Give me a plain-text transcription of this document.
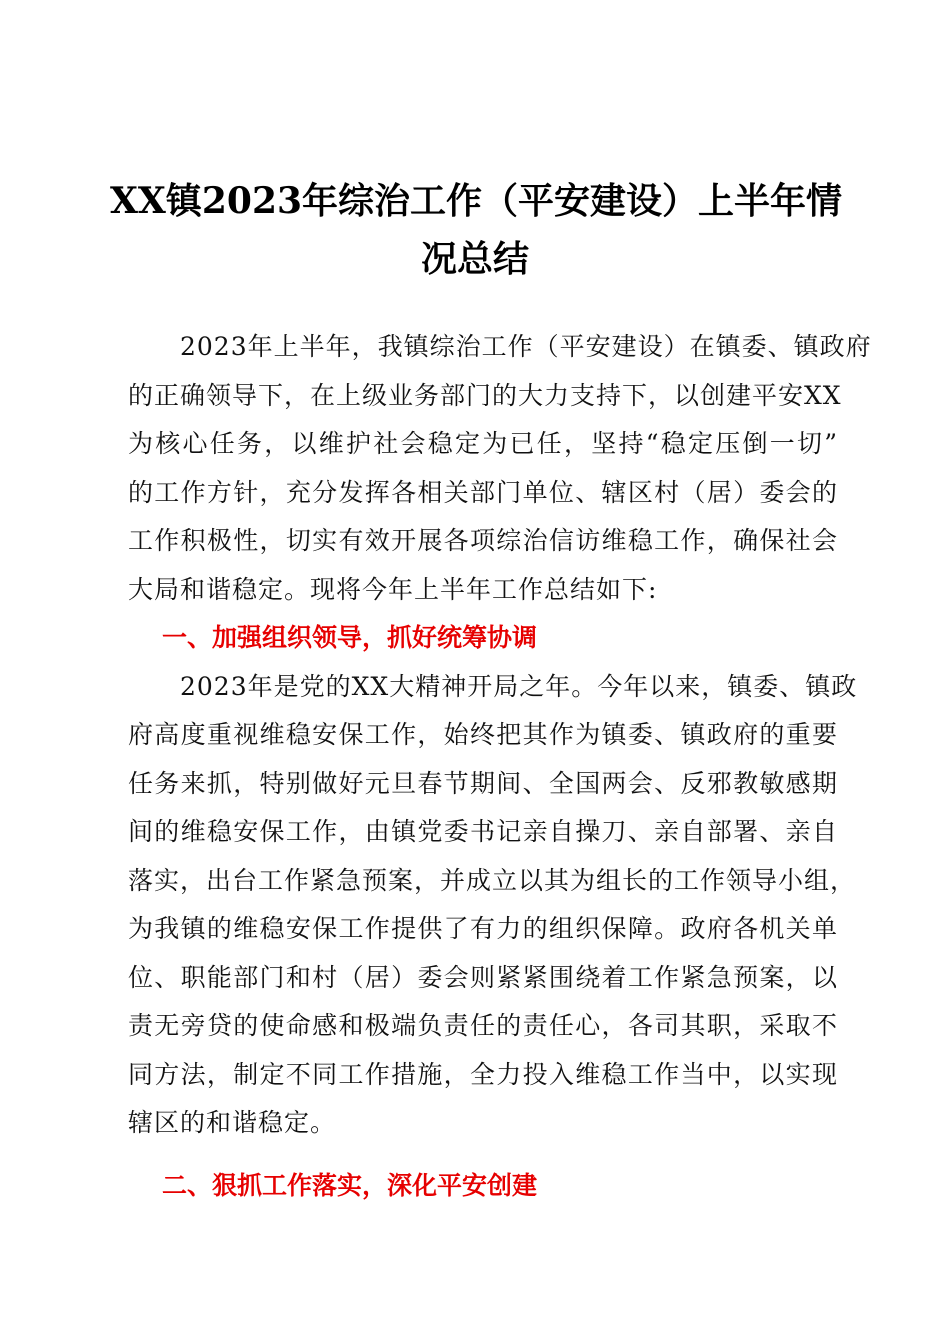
XX镇2023年综治工作（平安建设）上半年情
况总结
　　2023年上半年，我镇综治工作（平安建设）在镇委、镇政府
的正确领导下，在上级业务部门的大力支持下，以创建平安XX
为核心任务，以维护社会稳定为已任，坚持“稳定压倒一切”
的工作方针，充分发挥各相关部门单位、辖区村（居）委会的
工作积极性，切实有效开展各项综治信访维稳工作，确保社会
大局和谐稳定。现将今年上半年工作总结如下:
一、加强组织领导，抓好统筹协调
　　2023年是党的XX大精神开局之年。今年以来，镇委、镇政
府高度重视维稳安保工作，始终把其作为镇委、镇政府的重要
任务来抓，特别做好元旦春节期间、全国两会、反邪教敏感期
间的维稳安保工作，由镇党委书记亲自操刀、亲自部署、亲自
落实，出台工作紧急预案，并成立以其为组长的工作领导小组，
为我镇的维稳安保工作提供了有力的组织保障。政府各机关单
位、职能部门和村（居）委会则紧紧围绕着工作紧急预案，以
责无旁贷的使命感和极端负责任的责任心，各司其职，采取不
同方法，制定不同工作措施，全力投入维稳工作当中，以实现
辖区的和谐稳定。
二、狠抓工作落实，深化平安创建
